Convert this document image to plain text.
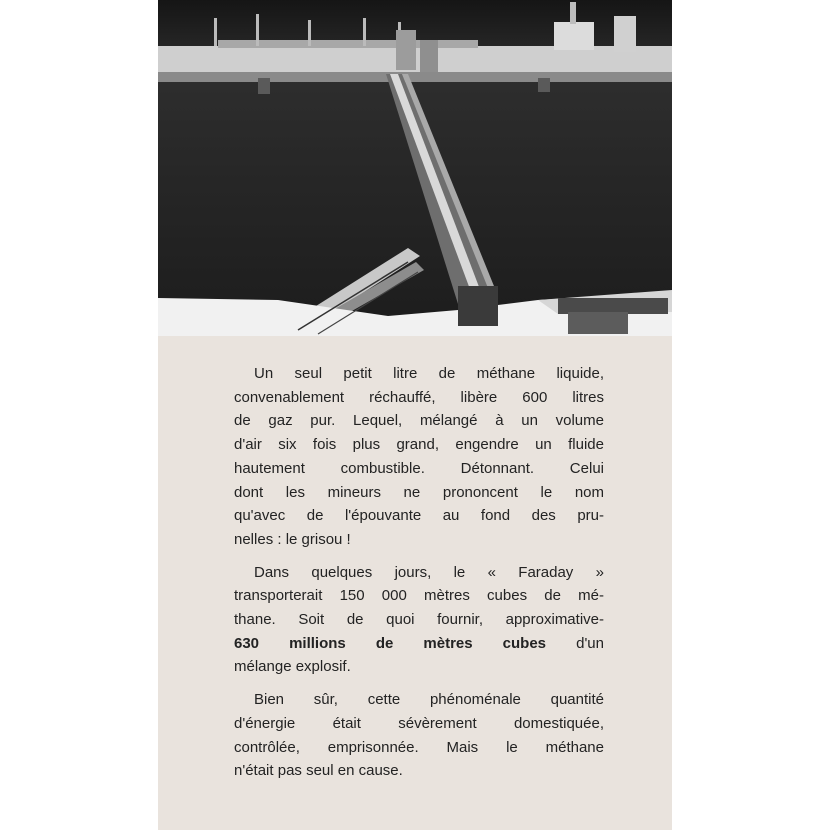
Un seul petit litre de méthane liquide,
convenablement réchauffé, libère 600 litres
de gaz pur. Lequel, mélangé à un volume
d'air six fois plus grand, engendre un fluide
hautement combustible. Détonnant. Celui
dont les mineurs ne prononcent le nom
qu'avec de l'épouvante au fond des pru-
nelles : le grisou !
Dans quelques jours, le « Faraday »
transporterait 150 000 mètres cubes de mé-
thane. Soit de quoi fournir, approximative-
630 millions de mètres cubes d'un
mélange explosif.
Bien sûr, cette phénoménale quantité
d'énergie était sévèrement domestiquée,
contrôlée, emprisonnée. Mais le méthane
n'était pas seul en cause.
